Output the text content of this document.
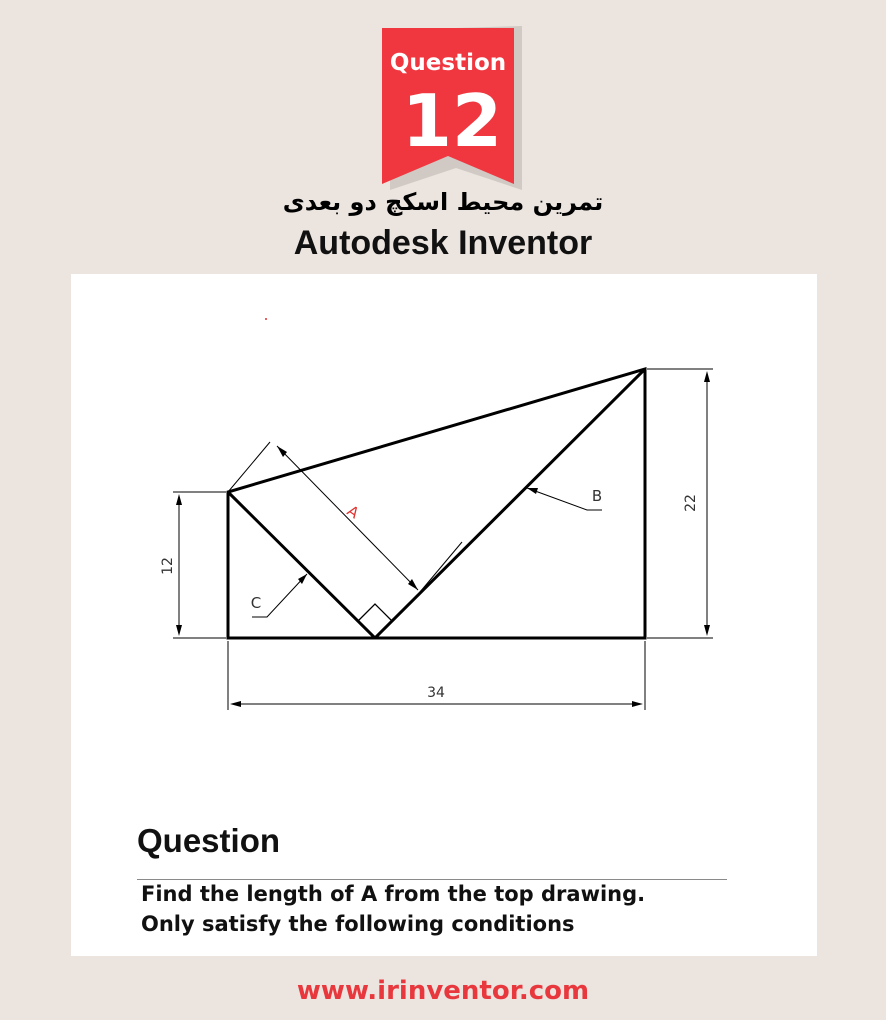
Question
12
تمرین محیط اسکچ دو بعدی
Autodesk Inventor
A
B
C
12
22
34
Question
Find the length of A from the top drawing.
Only satisfy the following conditions
www.irinventor.com
